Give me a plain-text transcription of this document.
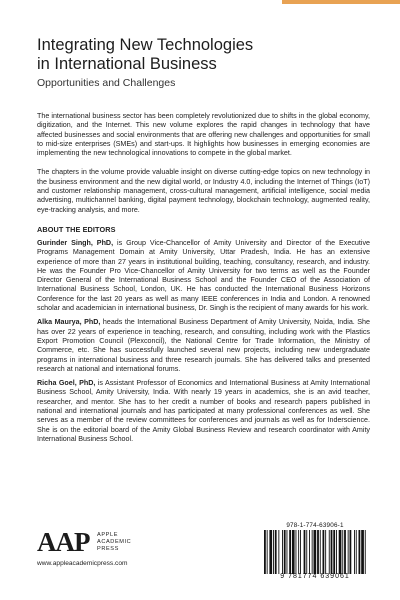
Integrating New Technologies
in International Business
Opportunities and Challenges

The international business sector has been completely revolutionized due to shifts in the global economy, digitization, and the Internet. This new volume explores the rapid changes in technology that have affected businesses and social environments that are offering new challenges and opportunities for small to mid-size enterprises (SMEs) and start-ups. It highlights how businesses in emerging economies are implementing the new technological innovations to compete in the global market.

The chapters in the volume provide valuable insight on diverse cutting-edge topics on new technology in the business environment and the new digital world, or Industry 4.0, including the Internet of Things (IoT) and customer relationship management, cross-cultural management, artificial intelligence, social media advertising, multichannel banking, digital payment technology, blockchain technology, augmented reality, eye-tracking analysis, and more.

ABOUT THE EDITORS

Gurinder Singh, PhD, is Group Vice-Chancellor of Amity University and Director of the Executive Programs Management Domain at Amity University, Uttar Pradesh, India. He has an extensive experience of more than 27 years in institutional building, teaching, consultancy, research, and industry. He was the Founder Pro Vice-Chancellor of Amity University for two terms as well as the Founder Director General of the International Business School and the Founder CEO of the Association of International Business School, London, UK. He has conducted the International Business Horizons Conference for the last 20 years as well as many IEEE conferences in India and London. A renowned scholar and academician in international business, Dr. Singh is the recipient of many awards for his work.

Alka Maurya, PhD, heads the International Business Department of Amity University, Noida, India. She has over 22 years of experience in teaching, research, and consulting, including work with the Plastics Export Promotion Council (Plexconcil), the National Centre for Trade Information, the Ministry of Commerce, etc. She has successfully launched several new projects, including new undergraduate programs in international business and three research journals. She has delivered talks and presented research at national and international forums.

Richa Goel, PhD, is Assistant Professor of Economics and International Business at Amity International Business School, Amity University, India. With nearly 19 years in academics, she is an avid teacher, researcher, and mentor. She has to her credit a number of books and research papers published in national and international journals and has participated at many professional conferences as well. She serves as a member of the review committees for conferences and journals as well as for Inderscience. She is on the editorial board of the Amity Global Business Review and research coordinator with Amity International Business School.

AAP APPLE
ACADEMIC
PRESS
www.appleacademicpress.com
978-1-774-63906-1
9 781774 639061
